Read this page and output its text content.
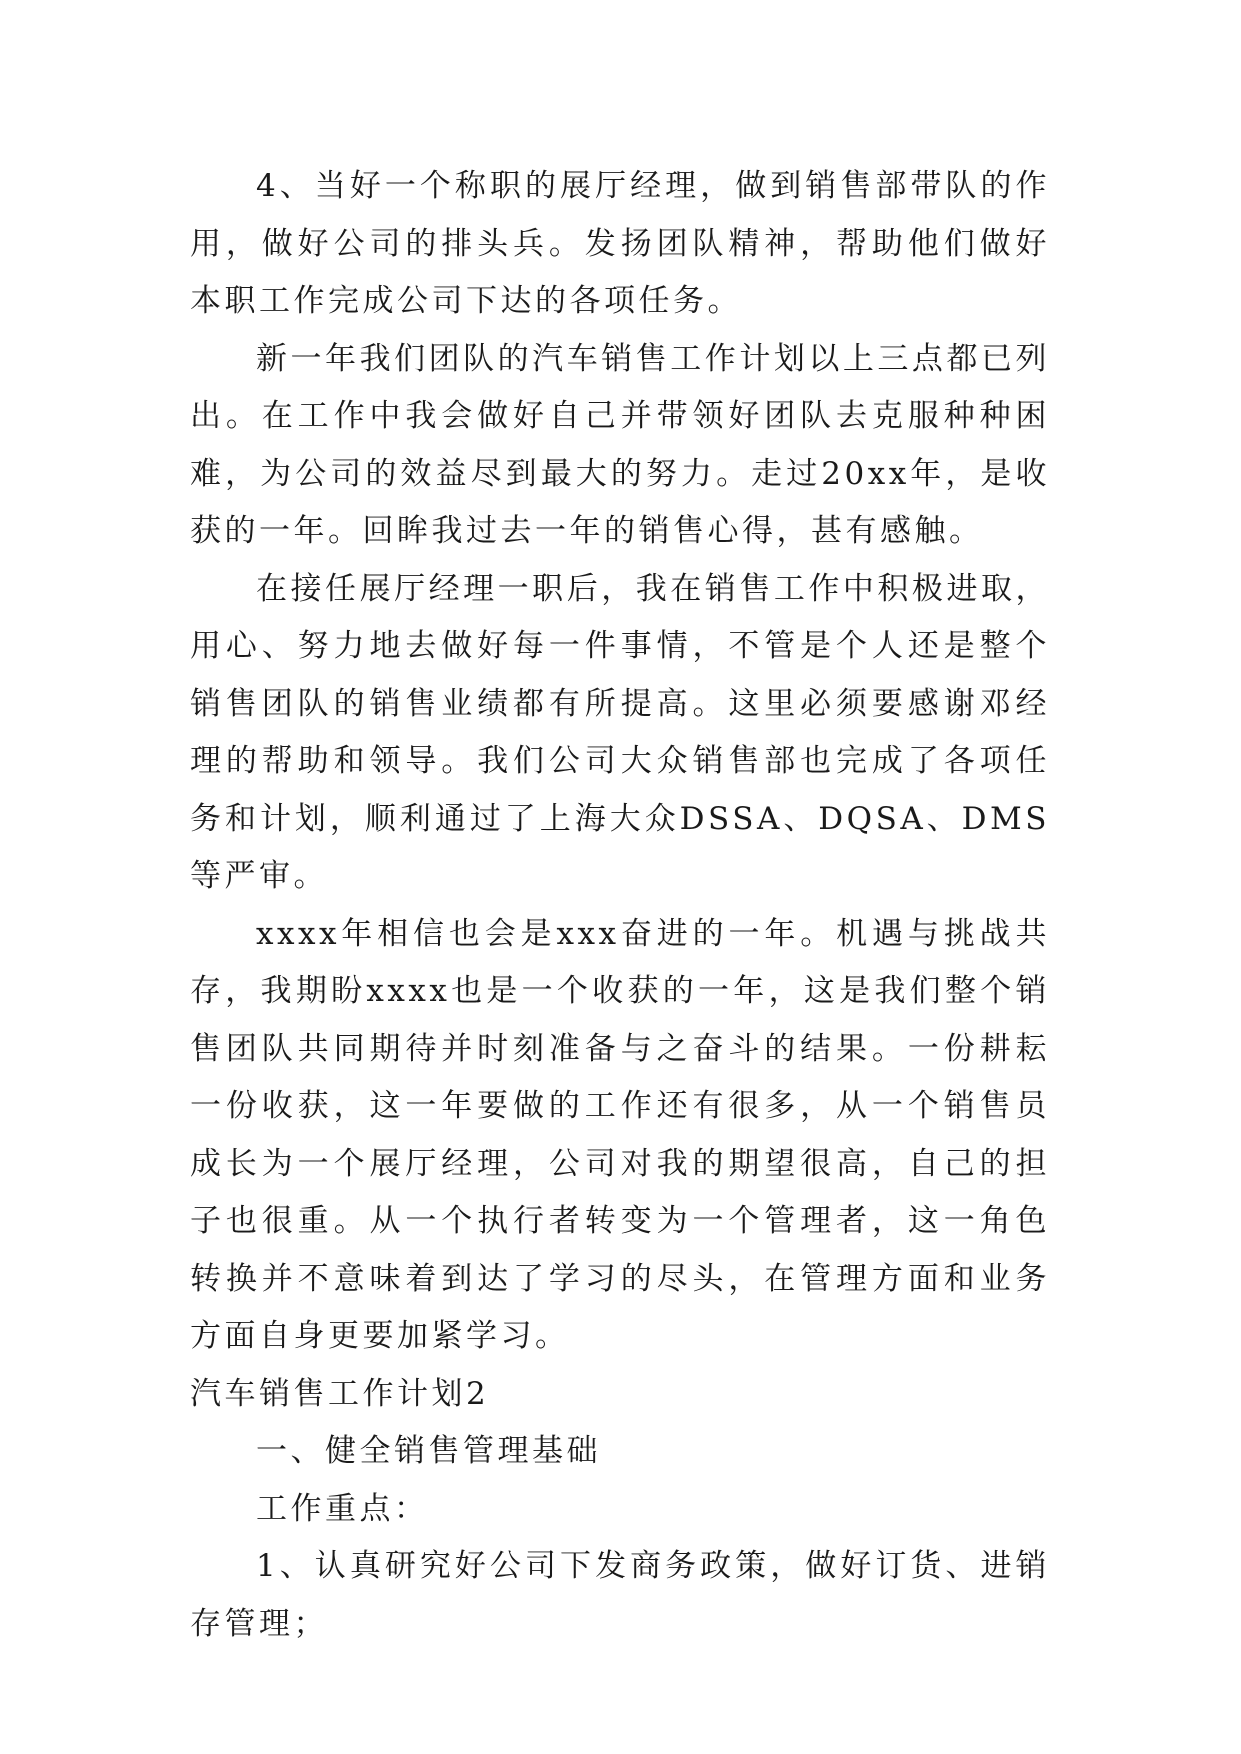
4、当好一个称职的展厅经理，做到销售部带队的作用，做好公司的排头兵。发扬团队精神，帮助他们做好本职工作完成公司下达的各项任务。

新一年我们团队的汽车销售工作计划以上三点都已列出。在工作中我会做好自己并带领好团队去克服种种困难，为公司的效益尽到最大的努力。走过20xx年，是收获的一年。回眸我过去一年的销售心得，甚有感触。

在接任展厅经理一职后，我在销售工作中积极进取，用心、努力地去做好每一件事情，不管是个人还是整个销售团队的销售业绩都有所提高。这里必须要感谢邓经理的帮助和领导。我们公司大众销售部也完成了各项任务和计划，顺利通过了上海大众DSSA、DQSA、DMS等严审。

xxxx年相信也会是xxx奋进的一年。机遇与挑战共存，我期盼xxxx也是一个收获的一年，这是我们整个销售团队共同期待并时刻准备与之奋斗的结果。一份耕耘一份收获，这一年要做的工作还有很多，从一个销售员成长为一个展厅经理，公司对我的期望很高，自己的担子也很重。从一个执行者转变为一个管理者，这一角色转换并不意味着到达了学习的尽头，在管理方面和业务方面自身更要加紧学习。

汽车销售工作计划2

一、健全销售管理基础

工作重点：

1、认真研究好公司下发商务政策，做好订货、进销存管理；
